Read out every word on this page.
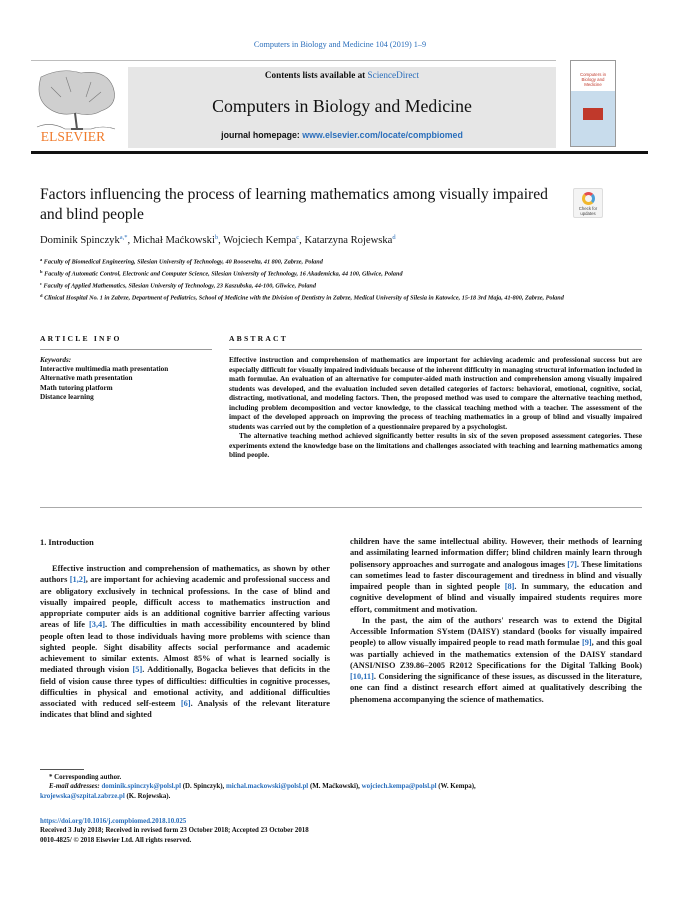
Computers in Biology and Medicine 104 (2019) 1–9
ELSEVIER
Contents lists available at ScienceDirect
Computers in Biology and Medicine
journal homepage: www.elsevier.com/locate/compbiomed
Computers in Biology and Medicine
Factors influencing the process of learning mathematics among visually impaired and blind people	Check for updates
Dominik Spinczyk$^{a,*}$, Michał Maćkowski$^b$, Wojciech Kempa$^c$, Katarzyna Rojewska$^d$
$^a$ Faculty of Biomedical Engineering, Silesian University of Technology, 40 Roosevelta, 41 800, Zabrze, Poland
$^b$ Faculty of Automatic Control, Electronic and Computer Science, Silesian University of Technology, 16 Akademicka, 44 100, Gliwice, Poland
$^c$ Faculty of Applied Mathematics, Silesian University of Technology, 23 Kaszubska, 44-100, Gliwice, Poland
$^d$ Clinical Hospital No. 1 in Zabrze, Department of Pediatrics, School of Medicine with the Division of Dentistry in Zabrze, Medical University of Silesia in Katowice, 15-18 3rd Maja, 41-800, Zabrze, Poland
ARTICLE INFO	ABSTRACT
Keywords:
Interactive multimedia math presentation
Alternative math presentation
Math tutoring platform
Distance learning

Effective instruction and comprehension of mathematics are important for achieving academic and professional success but are especially difficult for visually impaired individuals because of the inherent difficulty in managing structural information included in math formulae. An evaluation of an alternative for computer-aided math instruction and comprehension among visually impaired students was developed, and the evaluation included seven detailed categories of factors: behavioral, emotional, cognitive, social, distracting, motivational, and modeling factors. Then, the proposed method was used to compare the alternative teaching method, including problem decomposition and vector knowledge, to the classical teaching method with a teacher. The assessment of the impact of the developed approach on improving the process of teaching mathematics in a group of blind and visually impaired students was carried out by the completion of a questionnaire prepared by a psychologist.

The alternative teaching method achieved significantly better results in six of the seven proposed assessment categories. These experiments extend the knowledge base on the limitations and challenges associated with teaching and learning mathematics among blind people.

1. Introduction

Effective instruction and comprehension of mathematics, as shown by other authors [1,2], are important for achieving academic and professional success and are obligatory exclusively in technical professions. In the case of blind and visually impaired people, difficult access to mathematics instruction and appropriate computer aids is an additional cognitive barrier affecting various areas of life [3,4]. The difficulties in math accessibility encountered by blind people often lead to those individuals having more problems with science than sighted people. Sight disability affects social performance and academic achievement to similar extents. Almost 85% of what is learned socially is mediated through vision [5]. Additionally, Bogacka believes that deficits in the field of vision cause three types of difficulties: difficulties in cognitive processes, difficulties in physical and emotional activity, and additional difficulties associated with reduced self-esteem [6]. Analysis of the relevant literature indicates that blind and sighted

children have the same intellectual ability. However, their methods of learning and assimilating learned information differ; blind children mainly learn through polisensory approaches and surrogate and analogous images [7]. These limitations can sometimes lead to faster discouragement and tiredness in blind and visually impaired people than in sighted people [8]. In summary, the education and cognitive development of blind and visually impaired students requires more effort, commitment and motivation.

In the past, the aim of the authors' research was to extend the Digital Accessible Information SYstem (DAISY) standard (books for visually impaired people) to allow visually impaired people to read math formulae [9], and this goal was partially achieved in the mathematics extension of the DAISY standard (ANSI/NISO Z39.86–2005 R2012 Specifications for the Digital Talking Book) [10,11]. Considering the significance of these issues, as discussed in the literature, one can find a distinct research effort aimed at qualitatively describing the phenomena accompanying the science of mathematics.

* Corresponding author.
E-mail addresses: dominik.spinczyk@polsl.pl (D. Spinczyk), michal.mackowski@polsl.pl (M. Maćkowski), wojciech.kempa@polsl.pl (W. Kempa),
krojewska@szpital.zabrze.pl (K. Rojewska).
https://doi.org/10.1016/j.compbiomed.2018.10.025
Received 3 July 2018; Received in revised form 23 October 2018; Accepted 23 October 2018
0010-4825/ © 2018 Elsevier Ltd. All rights reserved.
